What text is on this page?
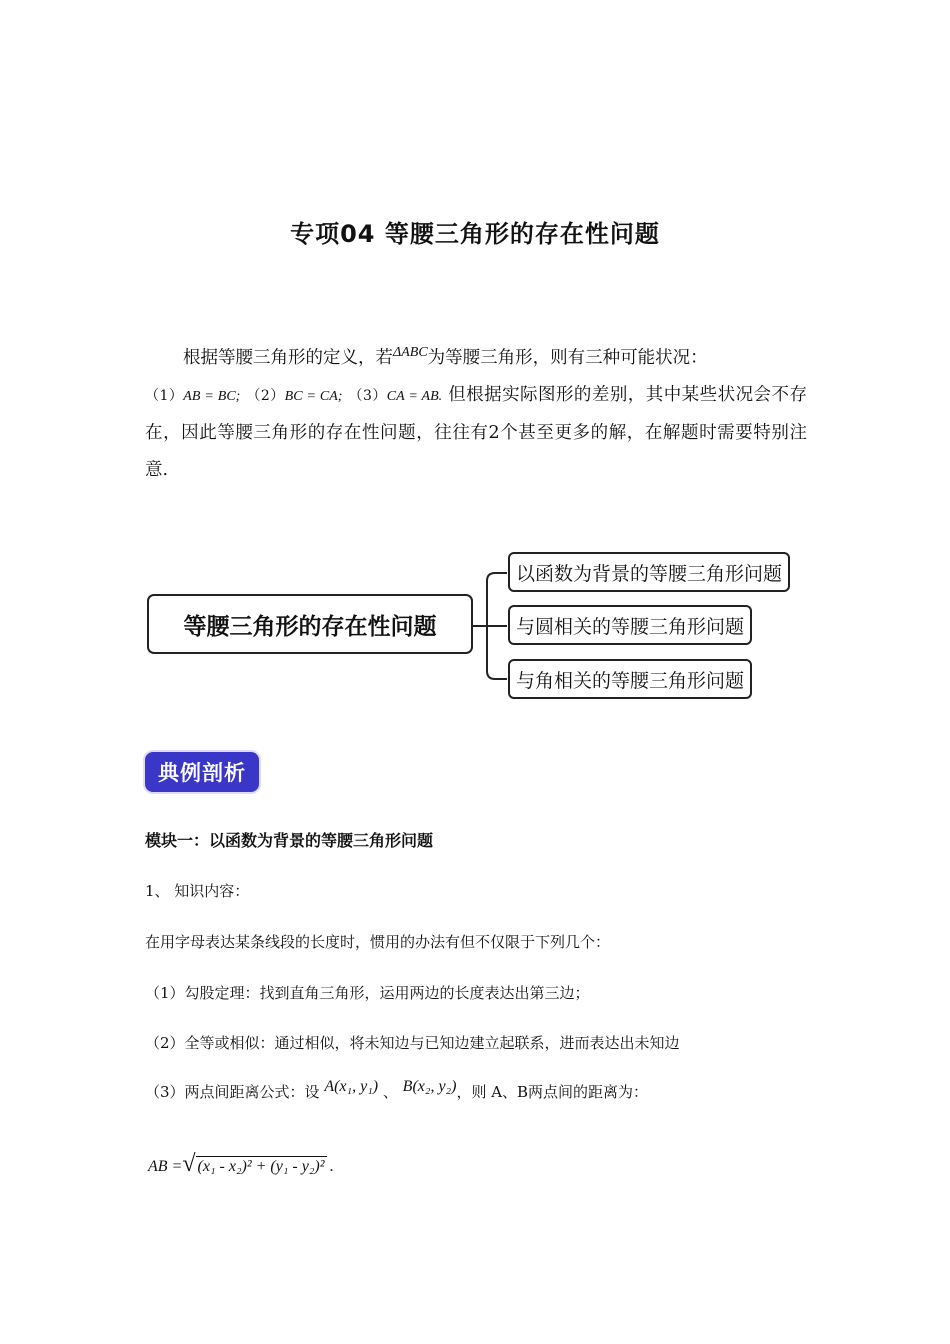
专项04 等腰三角形的存在性问题
根据等腰三角形的定义，若$^{\Delta ABC}$为等腰三角形，则有三种可能状况：
（1）AB = BC; （2）BC = CA; （3）CA = AB. 但根据实际图形的差别，其中某些状况会不存在，因此等腰三角形的存在性问题，往往有2个甚至更多的解，在解题时需要特别注意.
等腰三角形的存在性问题
以函数为背景的等腰三角形问题
与圆相关的等腰三角形问题
与角相关的等腰三角形问题
典例剖析
模块一：以函数为背景的等腰三角形问题
1、 知识内容：
在用字母表达某条线段的长度时，惯用的办法有但不仅限于下列几个：
（1）勾股定理：找到直角三角形，运用两边的长度表达出第三边；
（2）全等或相似：通过相似，将未知边与已知边建立起联系，进而表达出未知边
（3）两点间距离公式：设 A(x₁, y₁) 、 B(x₂, y₂)，则 A、B两点间的距离为：
AB = √ (x₁ - x₂)² + (y₁ - y₂)² .
